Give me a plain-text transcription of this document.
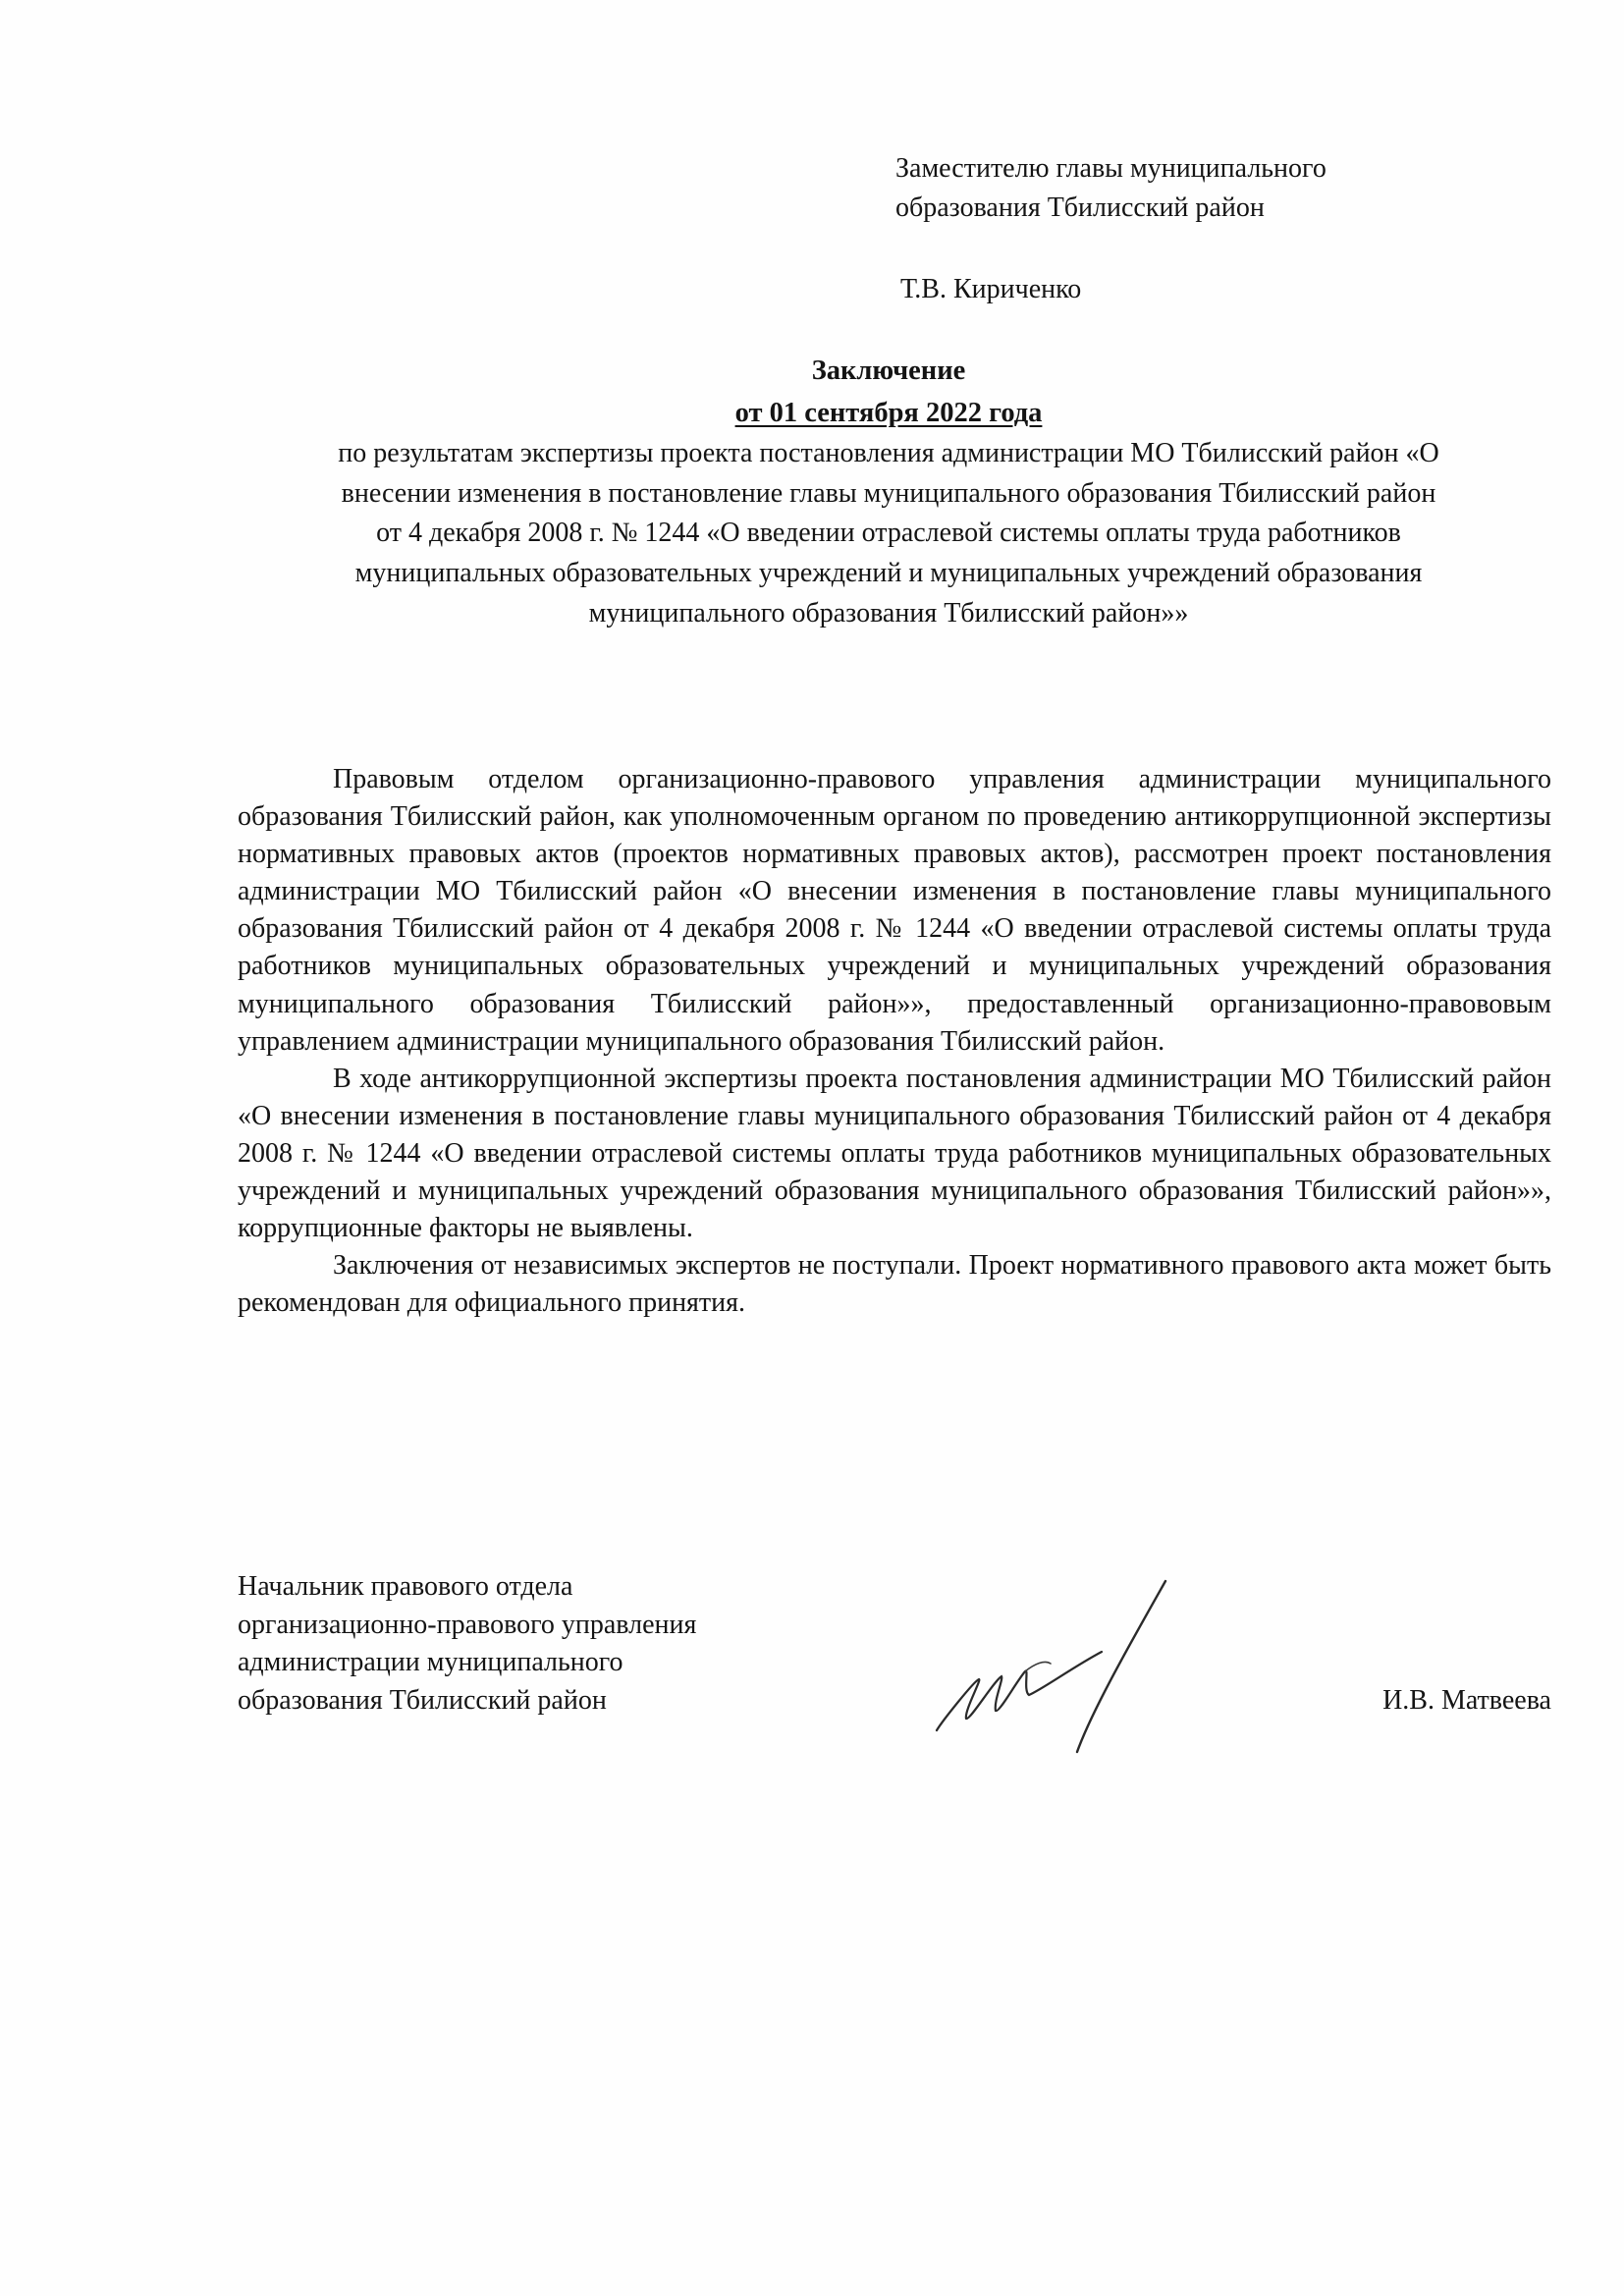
Заместителю главы муниципального
образования Тбилисский район
Т.В. Кириченко
Заключение
от 01 сентября 2022 года
по результатам экспертизы проекта постановления администрации МО Тбилисский район «О внесении изменения в постановление главы муниципального образования Тбилисский район от 4 декабря 2008 г. № 1244 «О введении отраслевой системы оплаты труда работников муниципальных образовательных учреждений и муниципальных учреждений образования муниципального образования Тбилисский район»»

Правовым отделом организационно-правового управления администрации муниципального образования Тбилисский район, как уполномоченным органом по проведению антикоррупционной экспертизы нормативных правовых актов (проектов нормативных правовых актов), рассмотрен проект постановления администрации МО Тбилисский район «О внесении изменения в постановление главы муниципального образования Тбилисский район от 4 декабря 2008 г. № 1244 «О введении отраслевой системы оплаты труда работников муниципальных образовательных учреждений и муниципальных учреждений образования муниципального образования Тбилисский район»», предоставленный организационно-правововым управлением администрации муниципального образования Тбилисский район.

В ходе антикоррупционной экспертизы проекта постановления администрации МО Тбилисский район «О внесении изменения в постановление главы муниципального образования Тбилисский район от 4 декабря 2008 г. № 1244 «О введении отраслевой системы оплаты труда работников муниципальных образовательных учреждений и муниципальных учреждений образования муниципального образования Тбилисский район»», коррупционные факторы не выявлены.

Заключения от независимых экспертов не поступали. Проект нормативного правового акта может быть рекомендован для официального принятия.

Начальник правового отдела
организационно-правового управления
администрации муниципального
образования Тбилисский район	И.В. Матвеева
